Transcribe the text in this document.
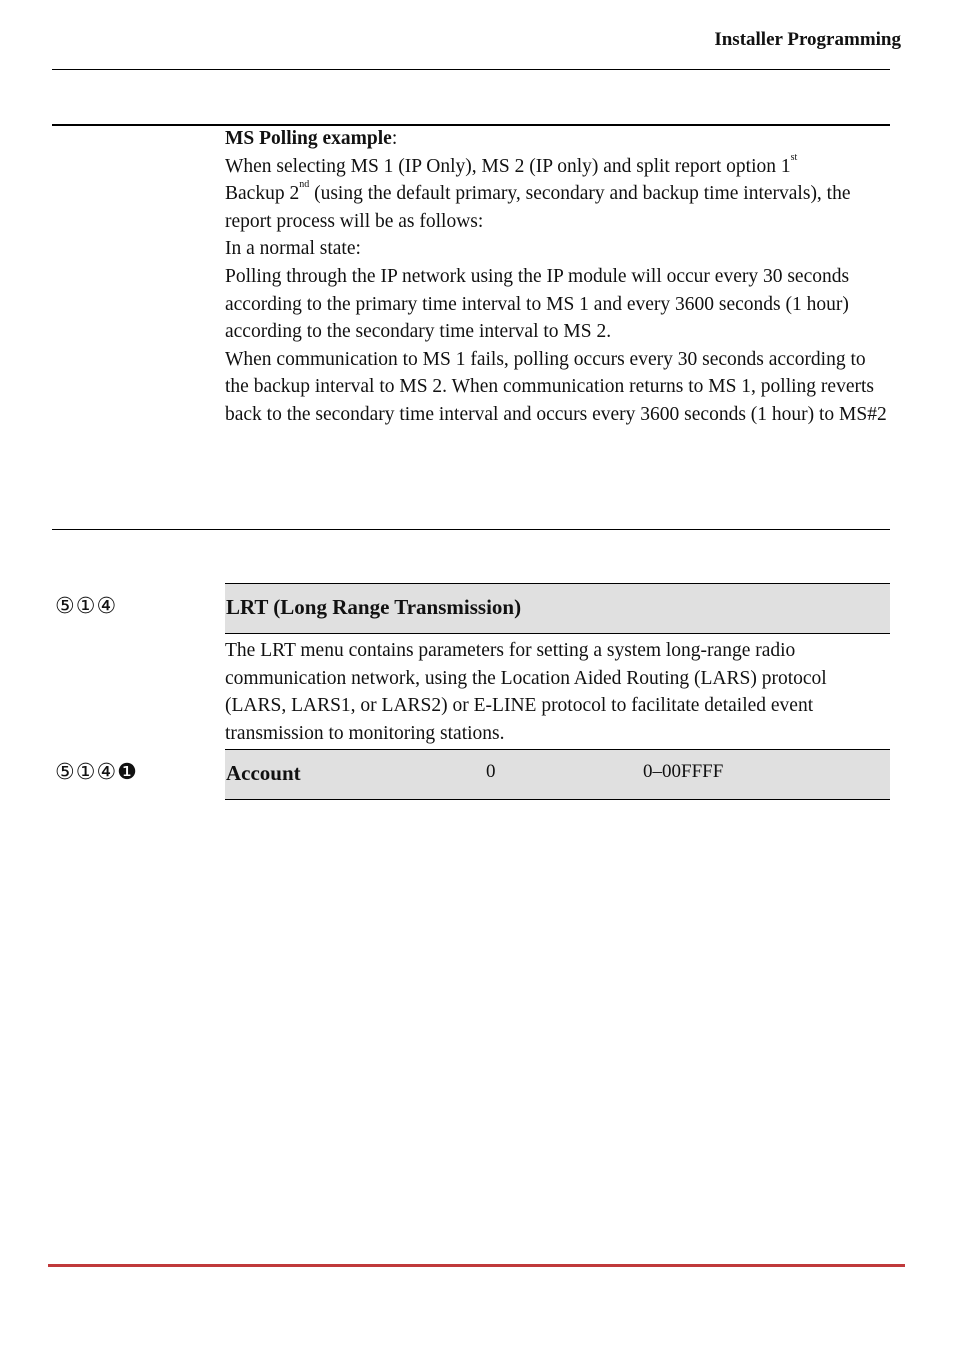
Installer Programming

MS Polling example:

When selecting MS 1 (IP Only), MS 2 (IP only) and split report option 1st
Backup 2nd (using the default primary, secondary and backup time intervals), the report process will be as follows:

In a normal state:

Polling through the IP network using the IP module will occur every 30 seconds according to the primary time interval to MS 1 and every 3600 seconds (1 hour) according to the secondary time interval to MS 2.

When communication to MS 1 fails, polling occurs every 30 seconds according to the backup interval to MS 2. When communication returns to MS 1, polling reverts back to the secondary time interval and occurs every 3600 seconds (1 hour) to MS#2

⑤①④	LRT (Long Range Transmission)
The LRT menu contains parameters for setting a system long-range radio communication network, using the Location Aided Routing (LARS) protocol (LARS, LARS1, or LARS2) or E-LINE protocol to facilitate detailed event transmission to monitoring stations.
⑤①④❶	Account	0	0–00FFFF
